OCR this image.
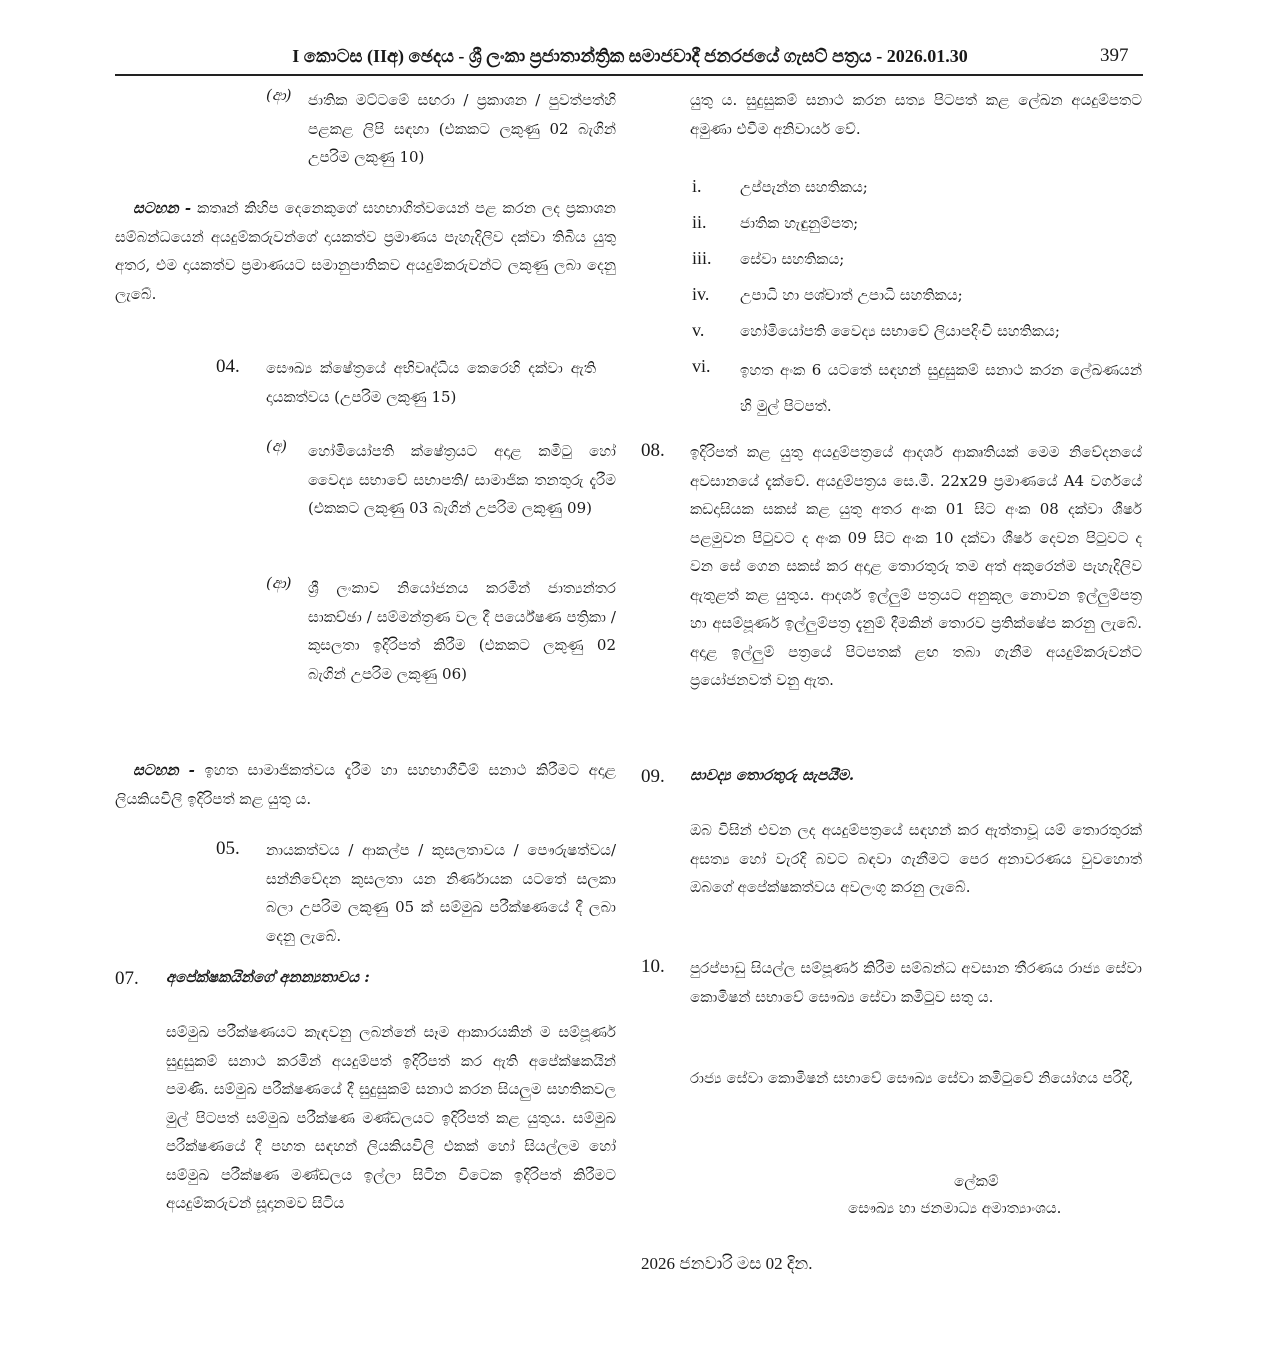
I කොටස (IIඅ) ඡෙදය - ශ්‍රී ලංකා ප්‍රජාතාන්ත්‍රික සමාජවාදී ජනරජයේ ගැසට් පත්‍රය - 2026.01.30	397
(ආ) ජාතික මට්ටමේ සඟරා / ප්‍රකාශන / පුවත්පත්හි පළකළ ලිපි සඳහා (එකකට ලකුණු 02 බැගින් උපරිම ලකුණු 10)
සටහන - කතෘන් කිහිප දෙනෙකුගේ සහභාගිත්වයෙන් පළ කරන ලද ප්‍රකාශන සම්බන්ධයෙන් අයදුම්කරුවන්ගේ දායකත්ව ප්‍රමාණය පැහැදිලිව දක්වා තිබිය යුතු අතර, එම දායකත්ව ප්‍රමාණයට සමානුපාතිකව අයදුම්කරුවන්ට ලකුණු ලබා දෙනු ලැබේ.
04. සෞඛ්‍ය ක්ෂේත්‍රයේ අභිවෘද්ධිය කෙරෙහි දක්වා ඇති දායකත්වය (උපරිම ලකුණු 15)
(අ) හෝමියෝපති ක්ෂේත්‍රයට අදාළ කමිටු හෝ වෛද්‍ය සභාවේ සභාපති/ සාමාජික තනතුරු දැරීම (එකකට ලකුණු 03 බැගින් උපරිම ලකුණු 09)
(ආ) ශ්‍රී ලංකාව නියෝජනය කරමින් ජාත්‍යන්තර සාකච්ඡා / සම්මන්ත්‍රණ වල දී පර්යේෂණ පත්‍රිකා / කුසලතා ඉදිරිපත් කිරීම (එකකට ලකුණු 02 බැගින් උපරිම ලකුණු 06)
සටහන - ඉහත සාමාජිකත්වය දැරීම හා සහභාගීවීම් සනාථ කිරීමට අදාළ ලියකියවිලි ඉදිරිපත් කළ යුතු ය.
05. නායකත්වය / ආකල්ප / කුසලතාවය / පෞරුෂත්වය/ සන්නිවේදන කුසලතා යන නිර්ණායක යටතේ සලකා බලා උපරිම ලකුණු 05 ක් සම්මුඛ පරීක්ෂණයේ දී ලබා දෙනු ලැබේ.
07. අපේක්ෂකයින්ගේ අනන්‍යතාවය :
සම්මුඛ පරීක්ෂණයට කැඳවනු ලබන්නේ සෑම ආකාරයකින් ම සම්පූර්ණ සුදුසුකම් සනාථ කරමින් අයදුම්පත් ඉදිරිපත් කර ඇති අපේක්ෂකයින් පමණි. සම්මුඛ පරීක්ෂණයේ දී සුදුසුකම් සනාථ කරන සියලුම සහතිකවල මුල් පිටපත් සම්මුඛ පරීක්ෂණ මණ්ඩලයට ඉදිරිපත් කළ යුතුය. සම්මුඛ පරීක්ෂණයේ දී පහත සඳහන් ලියකියවිලි එකක් හෝ සියල්ලම හෝ සම්මුඛ පරීක්ෂණ මණ්ඩලය ඉල්ලා සිටින විටෙක ඉදිරිපත් කිරීමට අයදුම්කරුවන් සූදානමව සිටිය
යුතු ය. සුදුසුකම් සනාථ කරන සත්‍ය පිටපත් කළ ලේඛන අයදුම්පතට අමුණා එවීම අනිවාර්ය වේ.
i.	උප්පැන්න සහතිකය;
ii. ජාතික හැඳුනුම්පත;
iii. සේවා සහතිකය;
iv. උපාධි හා පශ්චාත් උපාධි සහතිකය;
v. හෝමියෝපති වෛද්‍ය සභාවේ ලියාපදිංචි සහතිකය;
vi. ඉහත අංක 6 යටතේ සඳහන් සුදුසුකම් සනාථ කරන ලේඛණයන් හි මුල් පිටපත්.
08. ඉදිරිපත් කළ යුතු අයදුම්පත්‍රයේ ආදර්ශ ආකෘතියක් මෙම නිවේදනයේ අවසානයේ දැක්වේ. අයදුම්පත්‍රය සෙ.මී. 22x29 ප්‍රමාණයේ A4 වර්ගයේ කඩදාසියක සකස් කළ යුතු අතර අංක 01 සිට අංක 08 දක්වා ශීර්ෂ පළමුවන පිටුවට ද අංක 09 සිට අංක 10 දක්වා ශීර්ෂ දෙවන පිටුවට ද වන සේ ගෙන සකස් කර අදාළ තොරතුරු තම අත් අකුරෙන්ම පැහැදිලිව ඇතුළත් කළ යුතුය. ආදර්ශ ඉල්ලුම් පත්‍රයට අනුකූල නොවන ඉල්ලුම්පත්‍ර හා අසම්පූර්ණ ඉල්ලුම්පත්‍ර දැනුම් දීමකින් තොරව ප්‍රතික්ෂේප කරනු ලැබේ. අදාළ ඉල්ලුම් පත්‍රයේ පිටපතක් ළඟ තබා ගැනීම අයදුම්කරුවන්ට ප්‍රයෝජනවත් වනු ඇත.
09. සාවද්‍ය තොරතුරු සැපයීම.
ඔබ විසින් එවන ලද අයදුම්පත්‍රයේ සඳහන් කර ඇත්තාවූ යම් තොරතුරක් අසත්‍ය හෝ වැරදි බවට බඳවා ගැනීමට පෙර අනාවරණය වුවහොත් ඔබගේ අපේක්ෂකත්වය අවලංගු කරනු ලැබේ.
10. පුරප්පාඩු සියල්ල සම්පූර්ණ කිරීම සම්බන්ධ අවසාන තීරණය රාජ්‍ය සේවා කොමිෂන් සභාවේ සෞඛ්‍ය සේවා කමිටුව සතු ය.
රාජ්‍ය සේවා කොමිෂන් සභාවේ සෞඛ්‍ය සේවා කමිටුවේ නියෝගය පරිදි,
ලේකම්
සෞඛ්‍ය හා ජනමාධ්‍ය අමාත්‍යාංශය.
2026 ජනවාරි මස 02 දින.
